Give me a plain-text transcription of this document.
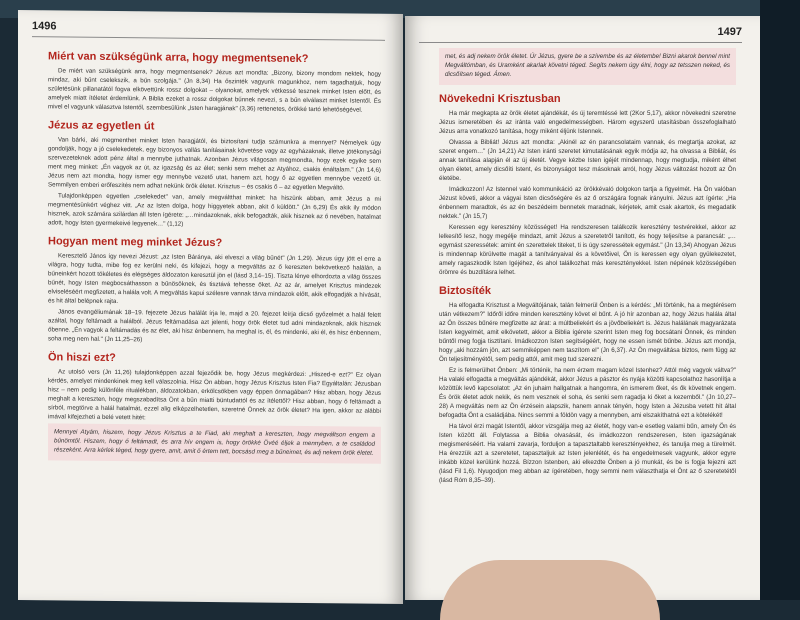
1496
Miért van szükségünk arra, hogy megmentsenek?

De miért van szükségünk arra, hogy megmentsenek? Jézus azt mondta: „Bizony, bizony mondom nektek, hogy mindaz, aki bűnt cselekszik, a bűn szolgája." (Jn 8,34) Ha őszinték vagyunk magunkhoz, nem tagadhatjuk, hogy születésünk pillanatától fogva elkövettünk rossz dolgokat – olyanokat, amelyek vétkessé tesznek minket Isten előtt, és amelyek miatt ítéletet érdemlünk. A Biblia ezeket a rossz dolgokat bűnnek nevezi, s a bűn elválaszt minket Istentől. És mivel el vagyunk választva Istentől, szembesülünk „Isten haragjának" (3,36) rettenetes, örökké tartó lehetőségével.

Jézus az egyetlen út

Van bárki, aki megmenthet minket Isten haragjától, és biztosítani tudja számunkra a mennyet? Némelyek úgy gondolják, hogy a jó cselekedetek, egy bizonyos vallás tanításainak követése vagy az egyházaknak, illetve jótékonysági szervezeteknek adott pénz által a mennybe juthatnak. Azonban Jézus világosan megmondta, hogy ezek egyike sem ment meg minket: „Én vagyok az út, az igazság és az élet; senki sem mehet az Atyához, csakis énáltalam." (Jn 14,6) Jézus nem azt mondta, hogy ismer egy mennybe vezető utat, hanem azt, hogy ő az egyetlen mennybe vezető út. Semmilyen emberi erőfeszítés nem adhat nekünk örök életet. Krisztus – és csakis ő – az egyetlen Megváltó.

Tulajdonképpen egyetlen „cselekedet" van, amely megváltthat minket: ha hiszünk abban, amit Jézus a mi megmentésünkért véghez vitt. „Az az Isten dolga, hogy higgyetek abban, akit ő küldött." (Jn 6,29) És akik ily módon hisznek, azok számára szilárdan áll Isten ígérete: „…mindazoknak, akik befogadták, akik hisznek az ő nevében, hatalmat adott, hogy Isten gyermekeivé legyenek…" (1,12)

Hogyan ment meg minket Jézus?

Keresztelő János így nevezi Jézust: „az Isten Báránya, aki elveszi a világ bűnét" (Jn 1,29). Jézus úgy jött el erre a világra, hogy tudta, mibe fog ez kerülni neki, és kifejezi, hogy a megváltás az ő kereszten bekövetkező halálán, a bűneinkért hozott tökéletes és elégséges áldozaton keresztül jön el (lásd 3,14–15). Tiszta lénye elhordozta a világ összes bűnét, hogy Isten megbocsáthasson a bűnösöknek, és tisztává tehesse őket. Az az ár, amelyet Krisztus mindezek elviseléséért megfizetett, a halála volt. A megváltás kapui szélesre vannak tárva mindazok előtt, akik elfogadják a hívását, és hit által belépnek rajta.

János evangéliumának 18–19. fejezete Jézus halálát írja le, majd a 20. fejezet leírja dicső győzelmét a halál felett azáltal, hogy feltámadt a halálból. Jézus feltámadása azt jelenti, hogy örök életet tud adni mindazoknak, akik hisznek őbenne. „Én vagyok a feltámadás és az élet, aki hisz énbennem, ha meghal is, él, és mindenki, aki él, és hisz énbennem, soha meg nem hal." (Jn 11,25–26)

Ön hiszi ezt?

Az utolsó vers (Jn 11,26) tulajdonképpen azzal fejeződik be, hogy Jézus megkérdezi: „Hiszed-e ezt?" Ez olyan kérdés, amelyet mindenkinek meg kell válaszolnia. Hisz Ön abban, hogy Jézus Krisztus Isten Fia? Egyáltalán: Jézusban hisz – nem pedig különféle rituálékban, áldozatokban, erkölcsökben vagy éppen önmagában? Hisz abban, hogy Jézus meghalt a kereszten, hogy megszabadítsa Önt a bűn miatti büntudattól és az ítélettől? Hisz abban, hogy ő feltámadt a sírból, megtörve a halál hatalmát, ezzel alig elképzelhetetlen, szeretné Önnek az örök életet? Ha igen, akkor az alábbi imával kifejezheti a belé vetett hitét:

Mennyei Atyám, hiszem, hogy Jézus Krisztus a te Fiad, aki meghalt a kereszten, hogy megváltson engem a bűnömtől. Hiszem, hogy ő feltámadt, és arra hív engem is, hogy örökké Övéé éljek a mennyben, a te családod részeként. Arra kérlek téged, hogy gyere, amit, amit ő értem tett, bocsásd meg a bűneimet, és adj nekem örök életet.

1497

met, és adj nekem örök életet. Úr Jézus, gyere be a szívembe és az életembe! Bizni akarok bennel mint Megváltómban, és Uramként akarlak követni téged. Segíts nekem úgy élni, hogy az tetsszen neked, és dicsőítsen téged. Ámen.

Növekedni Krisztusban

Ha már megkapta az örök életet ajándékát, és új teremtéssé lett (2Kor 5,17), akkor növekedni szeretne Jézus ismeretében és az iránta való engedelmességben. Három egyszerű utasításban összefoglalható Jézus arra vonatkozó tanítása, hogy miként éljünk Istennek.

Olvassa a Bibliát! Jézus azt mondta: „Akinél az én parancsolataim vannak, és megtartja azokat, az szeret engem…" (Jn 14,21) Az Isten iránti szeretet kimutatásának egyik módja az, ha olvassa a Bibliát, és annak tanítása alapján él az új életét. Vegye kézbe Isten igéjét mindennap, hogy megtudja, miként élhet olyan életet, amely dicsőíti Istent, és bizonyságot tesz másoknak arról, hogy Jézus változást hozott az Ön életébe.

Imádkozzon! Az Istennel való kommunikáció az örökkévaló dolgokon tartja a figyelmét. Ha Ön valóban Jézust követi, akkor a vágyai Isten dicsőségére és az ő országára fognak irányulni. Jézus azt ígérte: „Ha énbennem maradtok, és az én beszédeim bennetek maradnak, kérjetek, amit csak akartok, és megadatik nektek." (Jn 15,7)

Keressen egy keresztény közösséget! Ha rendszeresen találkozik keresztény testvérekkel, akkor az lelkesítő lesz, hogy megélje mindazt, amit Jézus a szeretetről tanított, és hogy teljesítse a parancsát: „…egymást szeressétek: amint én szerettelek titeket, ti is úgy szeressétek egymást." (Jn 13,34) Ahogyan Jézus is mindennap körülvette magát a tanítványaival és a követőivel, Ön is keressen egy olyan gyülekezetet, amely ragaszkodik Isten Igéjéhez, és ahol találkozhat más keresztényekkel. Isten népének közösségében örömre és buzdításra lelhet.

Biztosíték

Ha elfogadta Krisztust a Megváltójának, talán felmerül Önben is a kérdés: „Mi történik, ha a megtérésem után vétkezem?" Időről időre minden keresztény követ el bűnt. A jó hír azonban az, hogy Jézus halála által az Ön összes bűnére megfizette az árat: a múltbeliekért és a jövőbeliekért is. Jézus halálának magyarázata Isten kegyelmét, amit elkövetett, akkor a Biblia ígérete szerint Isten meg fog bocsátani Önnek, és minden bűntől meg fogja tisztítani. Imádkozzon Isten segítségéért, hogy ne essen ismét bűnbe. Jézus azt mondja, hogy „aki hozzám jön, azt semmiképpen nem taszítom el" (Jn 6,37). Az Ön megváltása biztos, nem függ az Ön teljesítményétől, sem pedig attól, amit meg tud szerezni.

Ez is felmerülhet Önben: „Mi történik, ha nem érzem magam közel Istenhez? Attól még vagyok váltva?" Ha valaki elfogadta a megváltás ajándékát, akkor Jézus a pásztor és nyája közötti kapcsolathoz hasonlítja a közöttük levő kapcsolatot: „Az én juhaim hallgatnak a hangomra, én ismerem őket, és ők követnek engem. És örök életet adok nekik, és nem vesznek el soha, és senki sem ragadja ki őket a kezemből." (Jn 10,27–28) A megváltás nem az Ön érzésein alapszik, hanem annak tényén, hogy Isten a Jézusba vetett hit által befogadta Önt a családjába. Nincs semmi a földön vagy a mennyben, ami elszakíthatná ezt a kötelékét!

Ha távol érzi magát Istentől, akkor vizsgálja meg az életét, hogy van-e esetleg valami bűn, amely Ön és Isten között áll. Folytassa a Biblia olvasását, és imádkozzon rendszeresen, Isten igazságának megismeréséért. Ha valami zavarja, forduljon a tapasztaltabb keresztényekhez, és tanulja meg a türelmét. Ha érezzük azt a szeretetet, tapasztaljuk az Isten jelenlétét, és ha engedelmesek vagyunk, akkor egyre inkább közel kerülünk hozzá. Bízzon Istenben, aki elkezdte Önben a jó munkát, és be is fogja fejezni azt (lásd Fil 1,6). Nyugodjon meg abban az ígéretében, hogy semmi nem választhatja el Önt az ő szeretetétől (lásd Róm 8,35–39).
